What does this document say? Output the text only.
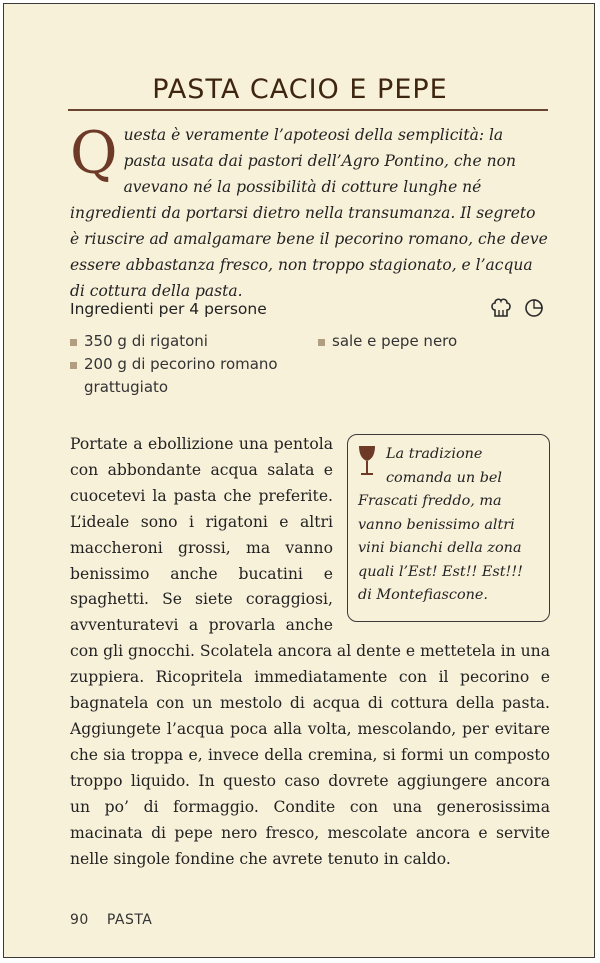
PASTA CACIO E PEPE
Q uesta è veramente l’apoteosi della semplicità: la pasta usata dai pastori dell’Agro Pontino, che non avevano né la possibilità di cotture lunghe né ingredienti da portarsi dietro nella transumanza. Il segreto è riuscire ad amalgamare bene il pecorino romano, che deve essere abbastanza fresco, non troppo stagionato, e l’acqua di cottura della pasta.
Ingredienti per 4 persone
350 g di rigatoni
200 g di pecorino romano grattugiato
sale e pepe nero
La tradizione comanda un bel Frascati freddo, ma vanno benissimo altri vini bianchi della zona quali l’Est! Est!! Est!!! di Montefiascone.
Portate a ebollizione una pentola con abbondante acqua salata e cuocetevi la pasta che preferite. L’ideale sono i rigatoni e altri maccheroni grossi, ma vanno benissimo anche bucatini e spaghetti. Se siete coraggiosi, avventuratevi a provarla anche con gli gnocchi. Scolatela ancora al dente e mettetela in una zuppiera. Ricopritela immediatamente con il pecorino e bagnatela con un mestolo di acqua di cottura della pasta. Aggiungete l’acqua poca alla volta, mescolando, per evitare che sia troppa e, invece della cremina, si formi un composto troppo liquido. In questo caso dovrete aggiungere ancora un po’ di formaggio. Condite con una generosissima macinata di pepe nero fresco, mescolate ancora e servite nelle singole fondine che avrete tenuto in caldo.
90 PASTA
